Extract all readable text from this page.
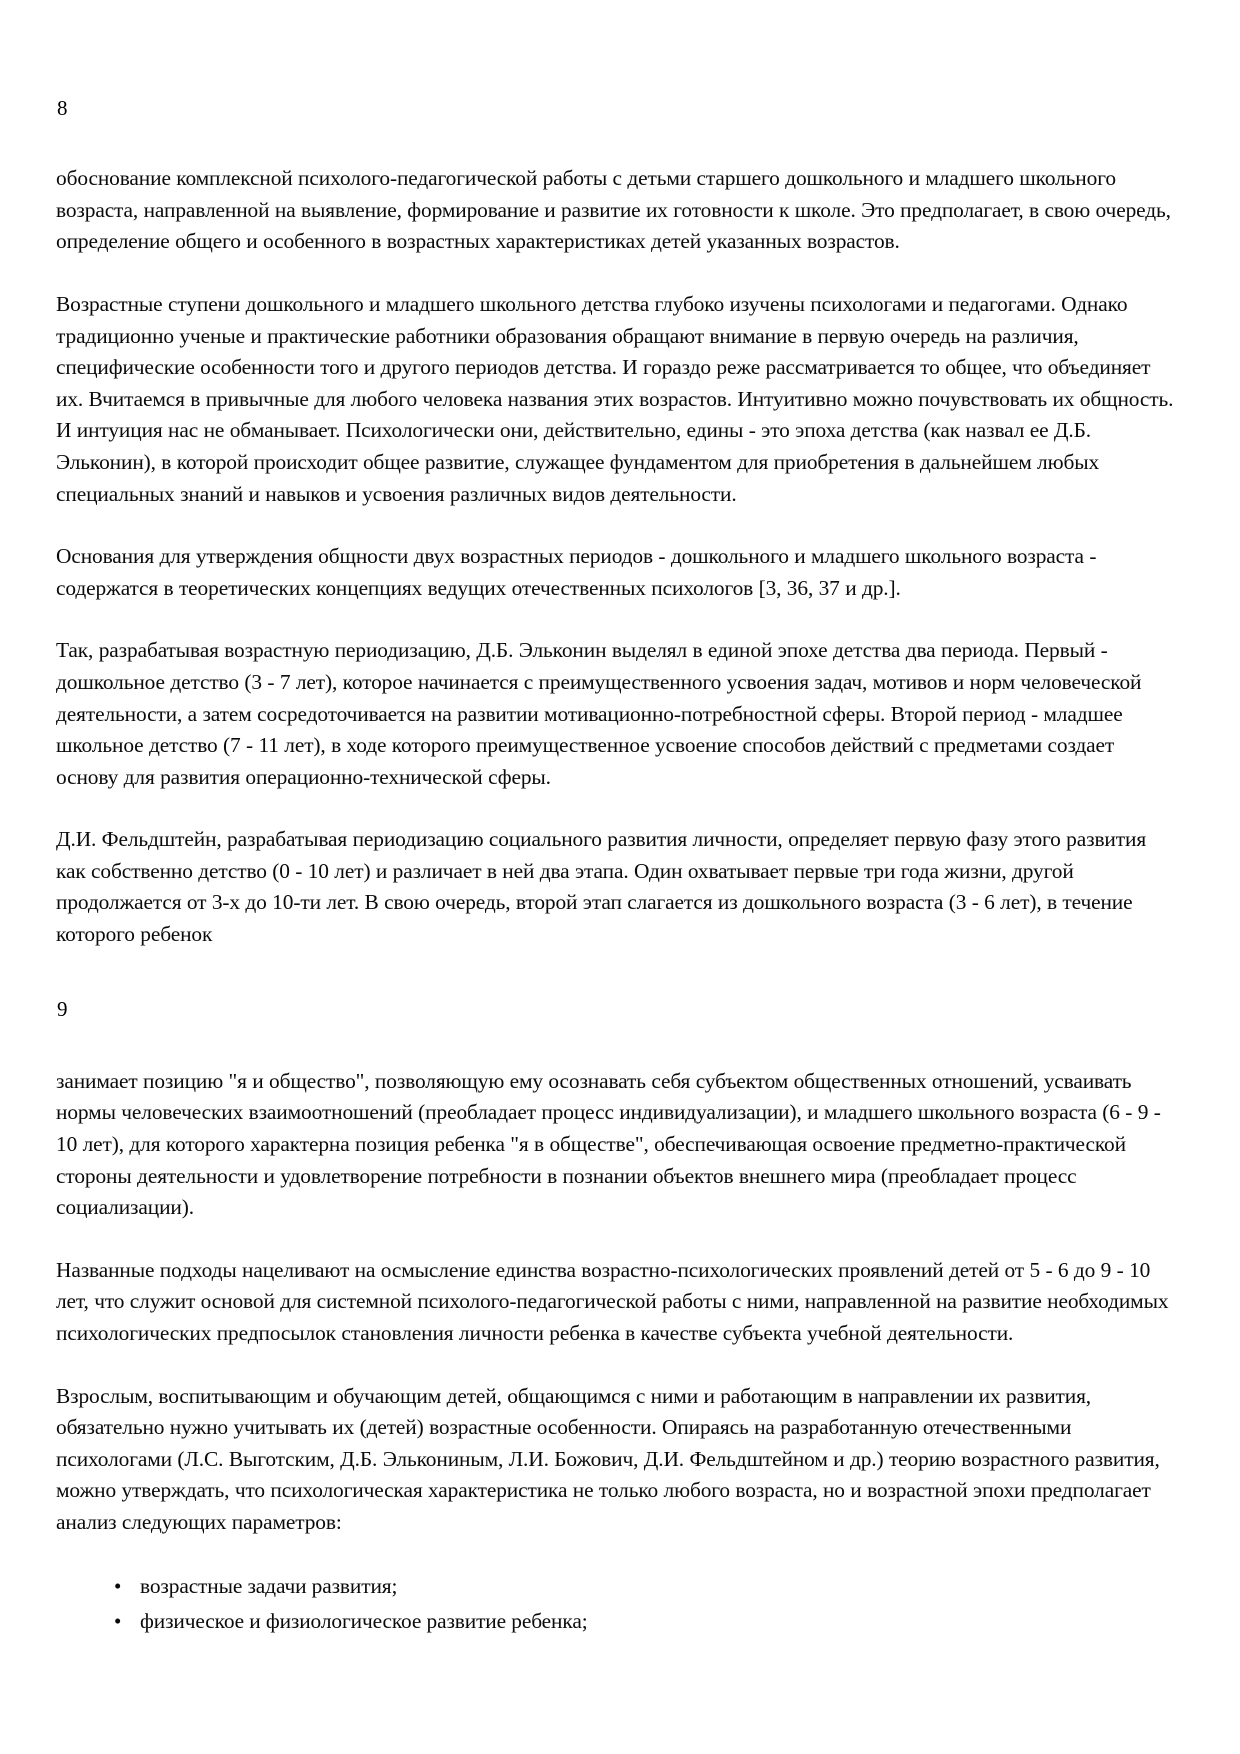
8

обоснование комплексной психолого-педагогической работы с детьми старшего дошкольного и младшего школьного возраста, направленной на выявление, формирование и развитие их готовности к школе. Это предполагает, в свою очередь, определение общего и особенного в возрастных характеристиках детей указанных возрастов.

Возрастные ступени дошкольного и младшего школьного детства глубоко изучены психологами и педагогами. Однако традиционно ученые и практические работники образования обращают внимание в первую очередь на различия, специфические особенности того и другого периодов детства. И гораздо реже рассматривается то общее, что объединяет их. Вчитаемся в привычные для любого человека названия этих возрастов. Интуитивно можно почувствовать их общность. И интуиция нас не обманывает. Психологически они, действительно, едины - это эпоха детства (как назвал ее Д.Б. Эльконин), в которой происходит общее развитие, служащее фундаментом для приобретения в дальнейшем любых специальных знаний и навыков и усвоения различных видов деятельности.

Основания для утверждения общности двух возрастных периодов - дошкольного и младшего школьного возраста - содержатся в теоретических концепциях ведущих отечественных психологов [3, 36, 37 и др.].

Так, разрабатывая возрастную периодизацию, Д.Б. Эльконин выделял в единой эпохе детства два периода. Первый - дошкольное детство (3 - 7 лет), которое начинается с преимущественного усвоения задач, мотивов и норм человеческой деятельности, а затем сосредоточивается на развитии мотивационно-потребностной сферы. Второй период - младшее школьное детство (7 - 11 лет), в ходе которого преимущественное усвоение способов действий с предметами создает основу для развития операционно-технической сферы.

Д.И. Фельдштейн, разрабатывая периодизацию социального развития личности, определяет первую фазу этого развития как собственно детство (0 - 10 лет) и различает в ней два этапа. Один охватывает первые три года жизни, другой продолжается от 3-х до 10-ти лет. В свою очередь, второй этап слагается из дошкольного возраста (3 - 6 лет), в течение которого ребенок

9

занимает позицию "я и общество", позволяющую ему осознавать себя субъектом общественных отношений, усваивать нормы человеческих взаимоотношений (преобладает процесс индивидуализации), и младшего школьного возраста (6 - 9 - 10 лет), для которого характерна позиция ребенка "я в обществе", обеспечивающая освоение предметно-практической стороны деятельности и удовлетворение потребности в познании объектов внешнего мира (преобладает процесс социализации).

Названные подходы нацеливают на осмысление единства возрастно-психологических проявлений детей от 5 - 6 до 9 - 10 лет, что служит основой для системной психолого-педагогической работы с ними, направленной на развитие необходимых психологических предпосылок становления личности ребенка в качестве субъекта учебной деятельности.

Взрослым, воспитывающим и обучающим детей, общающимся с ними и работающим в направлении их развития, обязательно нужно учитывать их (детей) возрастные особенности. Опираясь на разработанную отечественными психологами (Л.С. Выготским, Д.Б. Элькониным, Л.И. Божович, Д.И. Фельдштейном и др.) теорию возрастного развития, можно утверждать, что психологическая характеристика не только любого возраста, но и возрастной эпохи предполагает анализ следующих параметров:

• возрастные задачи развития;
• физическое и физиологическое развитие ребенка;
